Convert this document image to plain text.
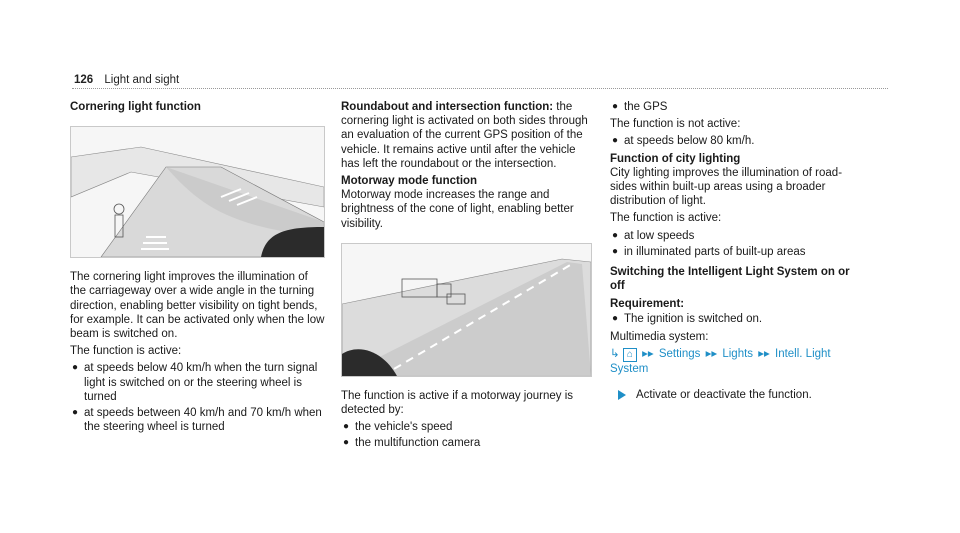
126 Light and sight

Cornering light function

The cornering light improves the illumination of the carriageway over a wide angle in the turning direction, enabling better visibility on tight bends, for example. It can be activated only when the low beam is switched on.

The function is active:

● at speeds below 40 km/h when the turn signal light is switched on or the steering wheel is turned
● at speeds between 40 km/h and 70 km/h when the steering wheel is turned

Roundabout and intersection function: the cornering light is activated on both sides through an evaluation of the current GPS position of the vehicle. It remains active until after the vehicle has left the roundabout or the intersection.

Motorway mode function

Motorway mode increases the range and brightness of the cone of light, enabling better visibility.

The function is active if a motorway journey is detected by:

● the vehicle's speed
● the multifunction camera
● the GPS

The function is not active:

● at speeds below 80 km/h.

Function of city lighting

City lighting improves the illumination of road-sides within built-up areas using a broader distribution of light.

The function is active:

● at low speeds
● in illuminated parts of built-up areas

Switching the Intelligent Light System on or off

Requirement:

● The ignition is switched on.

Multimedia system:

↳ ⌂ ▸▸ Settings ▸▸ Lights ▸▸ Intell. Light System

Activate or deactivate the function.
